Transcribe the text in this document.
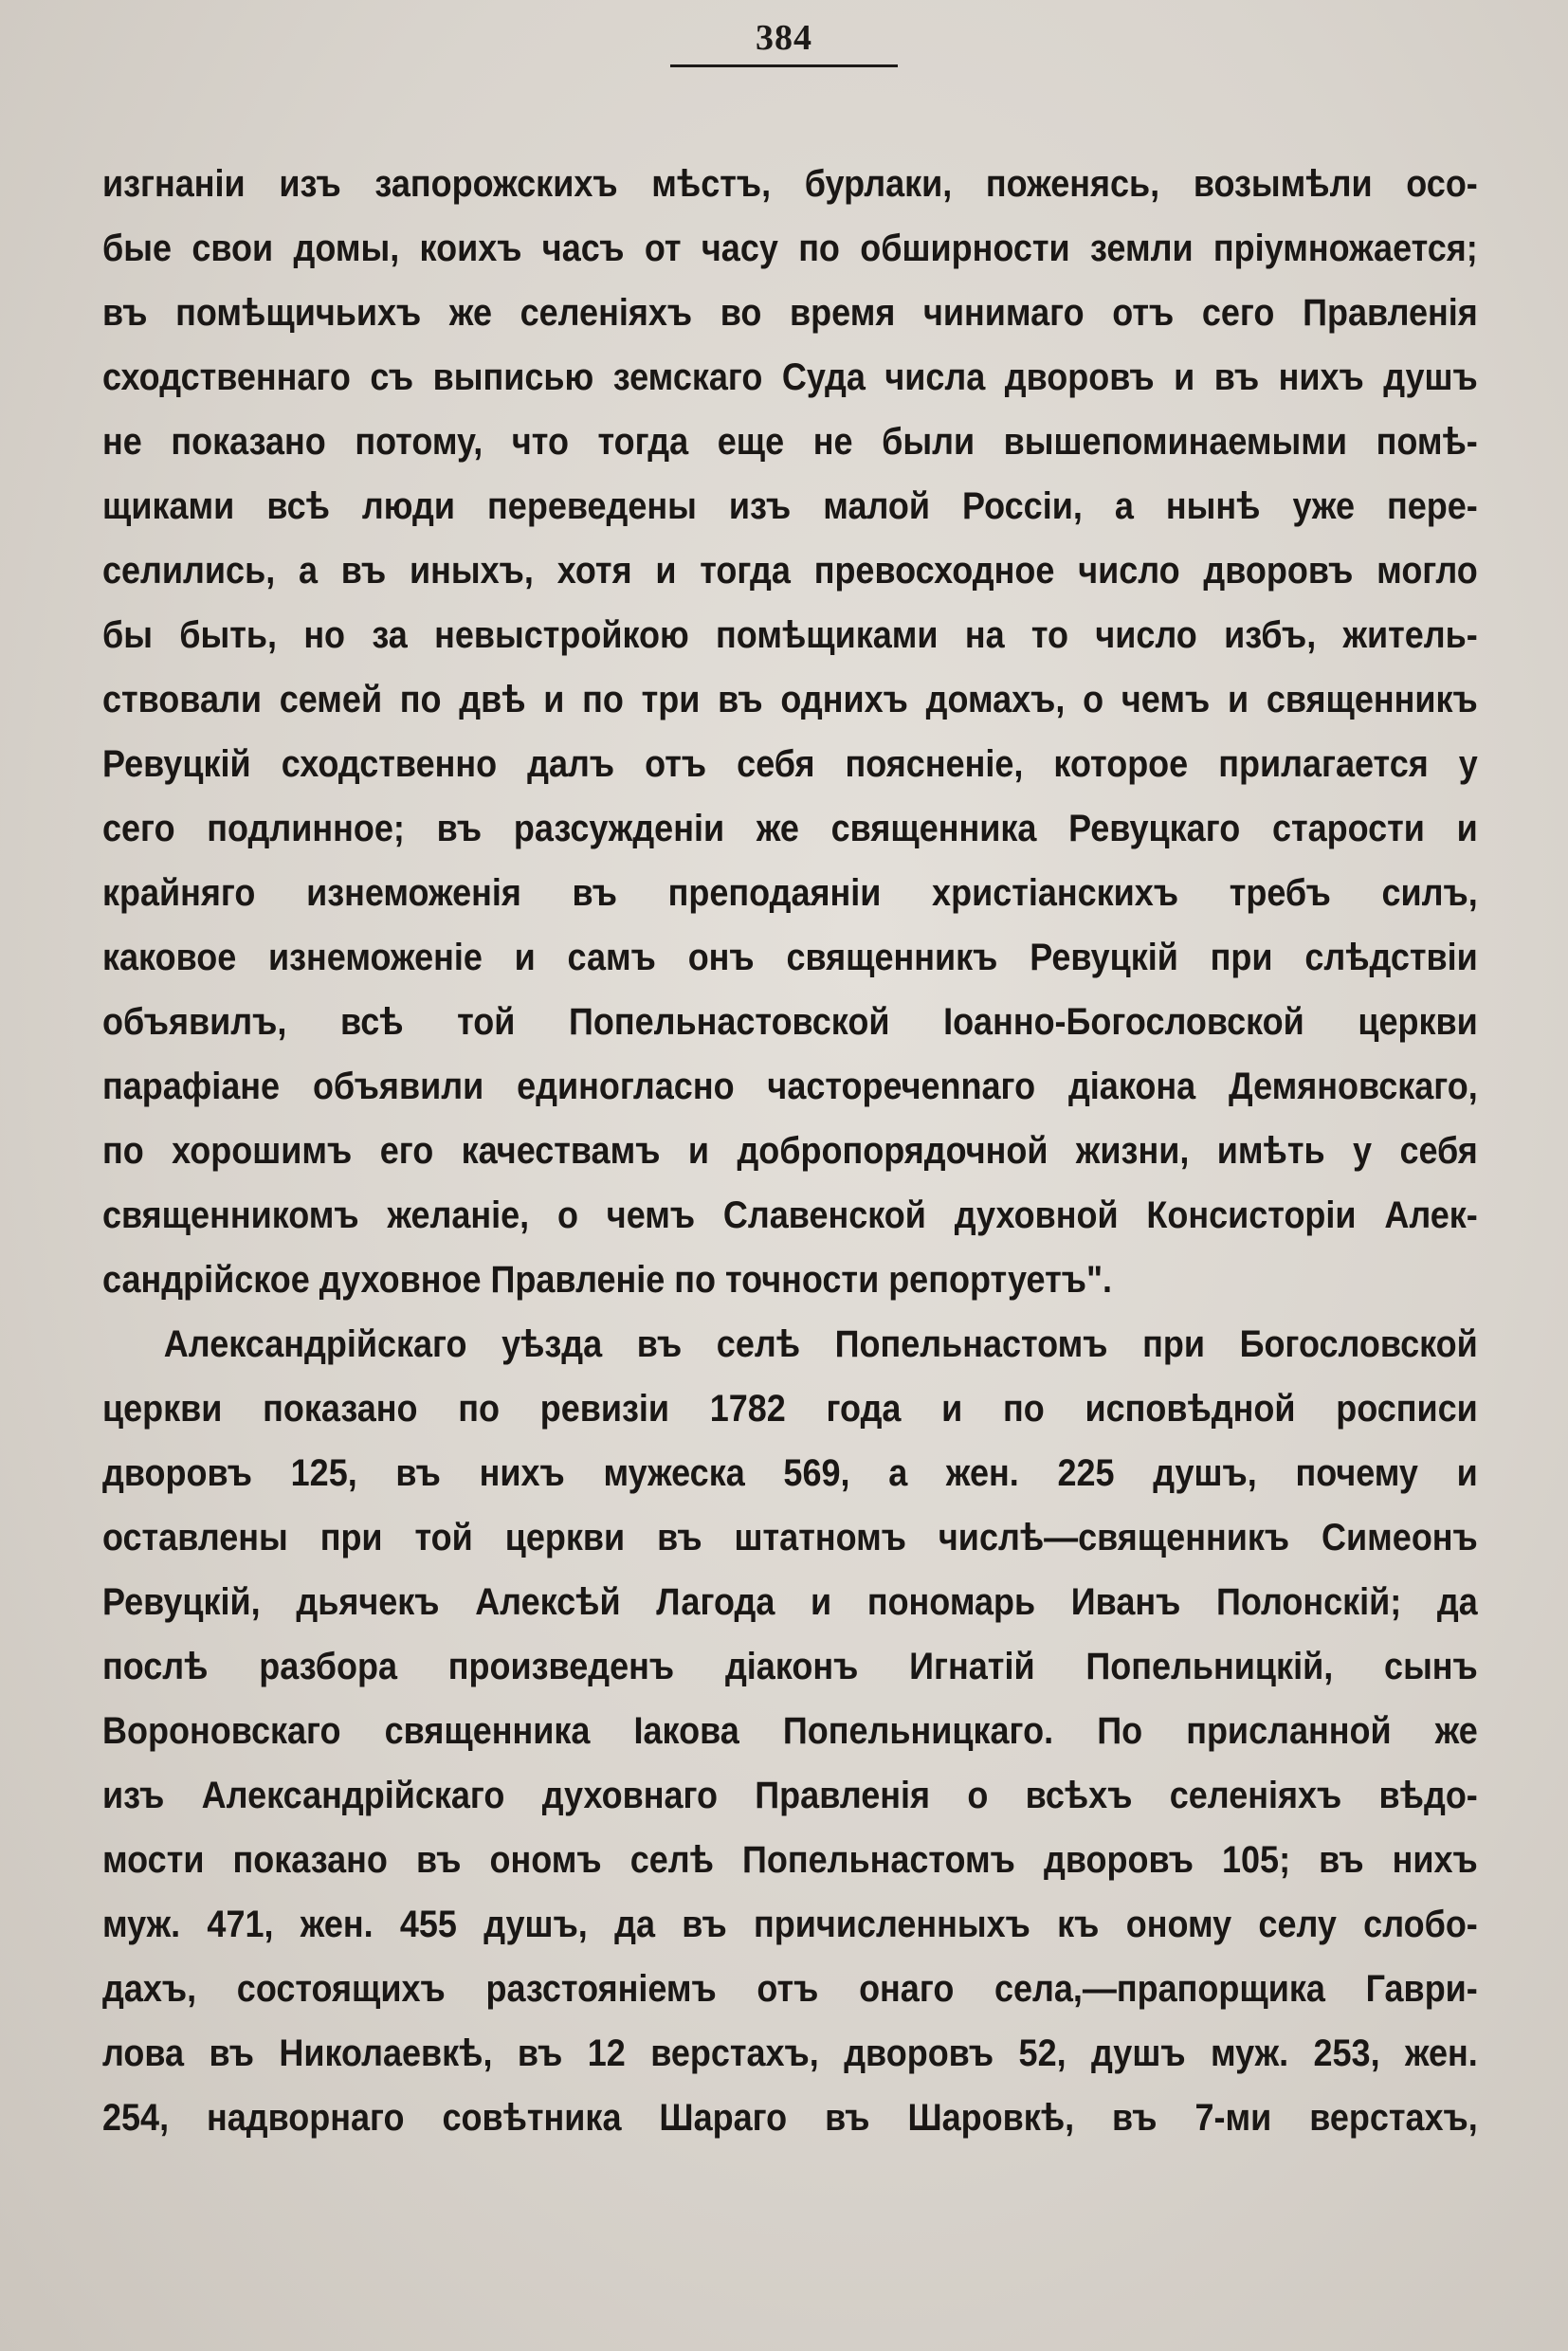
384
изгнаніи изъ запорожскихъ мѣстъ, бурлаки, поженясь, возымѣли осо-
бые свои домы, коихъ часъ от часу по обширности земли пріумножается;
въ помѣщичьихъ же селеніяхъ во время чинимаго отъ сего Правленія
сходственнаго съ выписью земскаго Суда числа дворовъ и въ нихъ душъ
не показано потому, что тогда еще не были вышепоминаемыми помѣ-
щиками всѣ люди переведены изъ малой Россіи, а нынѣ уже пере-
селились, а въ иныхъ, хотя и тогда превосходное число дворовъ могло
бы быть, но за невыстройкою помѣщиками на то число избъ, житель-
ствовали семей по двѣ и по три въ однихъ домахъ, о чемъ и священникъ
Ревуцкій сходственно далъ отъ себя поясненіе, которое прилагается у
сего подлинное; въ разсужденіи же священника Ревуцкаго старости и
крайняго изнеможенія въ преподаяніи христіанскихъ требъ силъ,
каковое изнеможеніе и самъ онъ священникъ Ревуцкій при слѣдствіи
объявилъ, всѣ той Попельнастовской Іоанно-Богословской церкви
парафіане объявили единогласно часторечennаго діакона Демяновскаго,
по хорошимъ его качествамъ и добропорядочной жизни, имѣть у себя
священникомъ желаніе, о чемъ Славенской духовной Консисторіи Алек-
сандрійское духовное Правленіе по точности репортуетъ".
Александрійскаго уѣзда въ селѣ Попельнастомъ при Богословской
церкви показано по ревизіи 1782 года и по исповѣдной росписи
дворовъ 125, въ нихъ мужеска 569, а жен. 225 душъ, почему и
оставлены при той церкви въ штатномъ числѣ—священникъ Симеонъ
Ревуцкій, дьячекъ Алексѣй Лагода и пономарь Иванъ Полонскій; да
послѣ разбора произведенъ діаконъ Игнатій Попельницкій, сынъ
Вороновскаго священника Іакова Попельницкаго. По присланной же
изъ Александрійскаго духовнаго Правленія о всѣхъ селеніяхъ вѣдо-
мости показано въ ономъ селѣ Попельнастомъ дворовъ 105; въ нихъ
муж. 471, жен. 455 душъ, да въ причисленныхъ къ оному селу слобо-
дахъ, состоящихъ разстояніемъ отъ онаго села,—прапорщика Гаври-
лова въ Николаевкѣ, въ 12 верстахъ, дворовъ 52, душъ муж. 253, жен.
254, надворнаго совѣтника Шараго въ Шаровкѣ, въ 7-ми верстахъ,
